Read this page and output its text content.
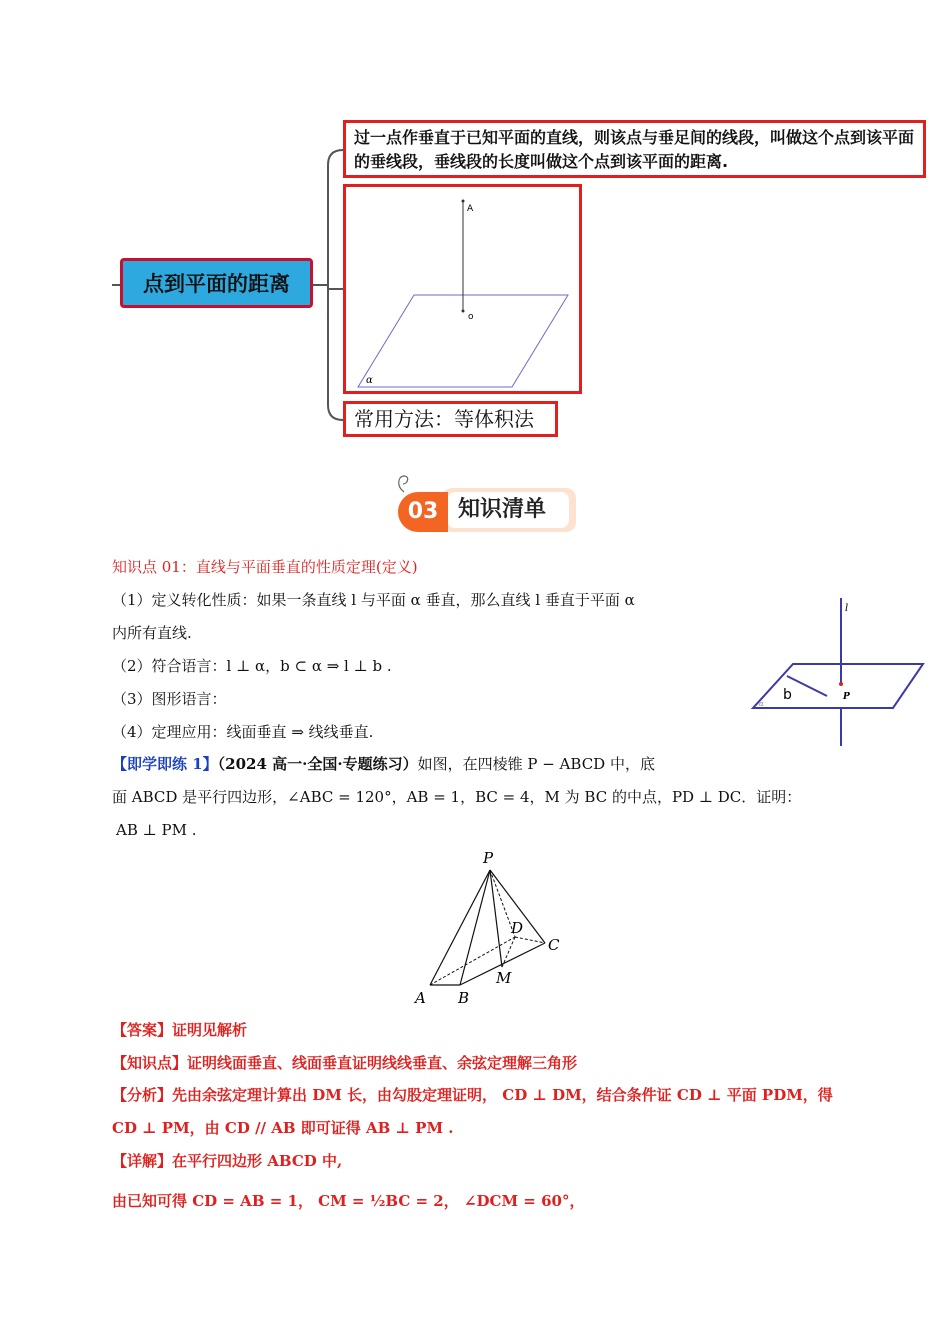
点到平面的距离
过一点作垂直于已知平面的直线，则该点与垂足间的线段，叫做这个点到该平面的垂线段，垂线段的长度叫做这个点到该平面的距离.
A
o
α
常用方法：等体积法
03 知识清单
知识点 01：直线与平面垂直的性质定理(定义)
（1）定义转化性质：如果一条直线 l 与平面 α 垂直，那么直线 l 垂直于平面 α
内所有直线.
（2）符合语言：l ⊥ α，b ⊂ α ⇒ l ⊥ b .
（3）图形语言：
（4）定理应用：线面垂直 ⇒ 线线垂直.
l
b	P
α
【即学即练 1】（2024 高一·全国·专题练习）如图，在四棱锥 P − ABCD 中，底
面 ABCD 是平行四边形，∠ABC = 120°，AB = 1，BC = 4，M 为 BC 的中点，PD ⊥ DC．证明：
AB ⊥ PM .
P
A B
C
D
M
【答案】证明见解析
【知识点】证明线面垂直、线面垂直证明线线垂直、余弦定理解三角形
【分析】先由余弦定理计算出 DM 长，由勾股定理证明， CD ⊥ DM，结合条件证 CD ⊥ 平面 PDM，得
CD ⊥ PM，由 CD // AB 即可证得 AB ⊥ PM .
【详解】在平行四边形 ABCD 中,
由已知可得 CD = AB = 1， CM = ½BC = 2， ∠DCM = 60°，
